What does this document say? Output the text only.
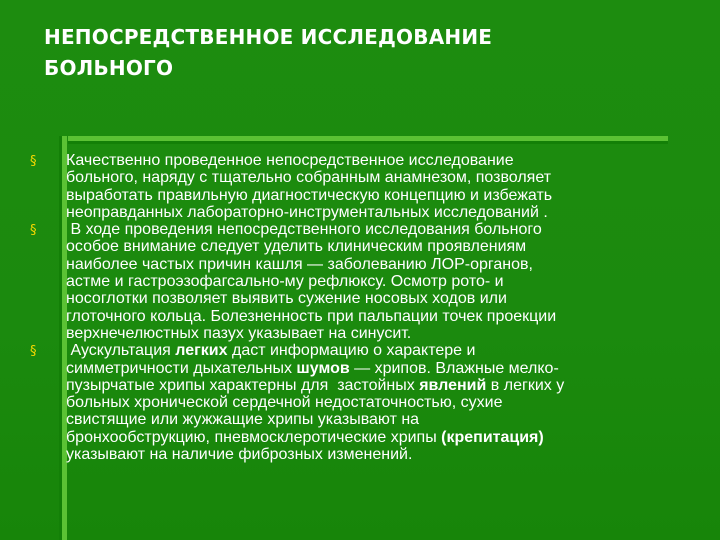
НЕПОСРЕДСТВЕННОЕ ИССЛЕДОВАНИЕ
БОЛЬНОГО
§ Качественно проведенное непосредственное исследование
больного, наряду с тщательно собранным анамнезом, позволяет
выработать правильную диагностическую концепцию и избежать
неоправданных лабораторно-инструментальных исследований .
§ В ходе проведения непосредственного исследования больного
особое внимание следует уделить клиническим проявлениям
наиболее частых причин кашля — заболеванию ЛОР-органов,
астме и гастроэзофагсально-му рефлюксу. Осмотр рото- и
носоглотки позволяет выявить сужение носовых ходов или
глоточного кольца. Болезненность при пальпации точек проекции
верхнечелюстных пазух указывает на синусит.
§ Аускультация легких даст информацию о характере и
симметричности дыхательных шумов — хрипов. Влажные мелко-
пузырчатые хрипы характерны для  застойных явлений в легких у
больных хронической сердечной недостаточностью, сухие
свистящие или жужжащие хрипы указывают на
бронхообструкцию, пневмосклеротические хрипы (крепитация)
указывают на наличие фиброзных изменений.
